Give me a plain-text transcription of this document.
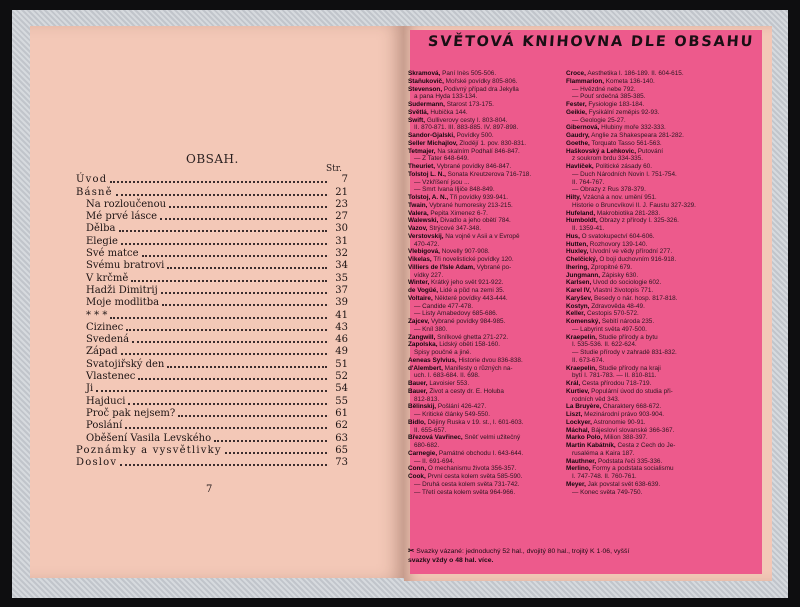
OBSAH.
Str.
Úvod	7
Básně	21
Na rozloučenou	23
Mé prvé lásce	27
Dělba	30
Elegie	31
Své matce	32
Svému bratrovi	34
V krčmě	35
Hadži Dimitrij	37
Moje modlitba	39
* * *	41
Cizinec	43
Svedená	46
Západ	49
Svatojiřský den	51
Vlastenec	52
Ji	54
Hajduci	55
Proč pak nejsem?	61
Poslání	62
Oběšení Vasila Levského	63
Poznámky a vysvětlivky	65
Doslov	73
7
SVĚTOVÁ KNIHOVNA DLE OBSAHU
Skramová, Paní Inès 505-506.
Staňukovič, Mořské povídky 805-806.
Stevenson, Podivný případ dra Jekylla
a pana Hyda 133-134.
Sudermann, Starost 173-175.
Světlá, Hubička 144.
Swift, Gulliverovy cesty I. 803-804.
II. 870-871. III. 883-885. IV. 897-898.
Šandor-Gjalski, Povídky 500.
Šeller Michajlov, Zlodějí 1. pov. 830-831.
Tetmajer, Na skalním Podhalí 846-847.
— Z Tater 648-649.
Theuriet, Vybrané povídky 846-847.
Tolstoj L. N., Sonata Kreutzerova 716-718.
— Vzkříšení jsou ...
— Smrt Ivana Iljiče 848-849.
Tolstoj, A. N., Tři povídky 939-941.
Twain, Vybrané humoresky 213-215.
Valera, Pepita Ximenez 6-7.
Walewski, Divadlo a jeho obětí 784.
Vazov, Strýcové 347-348.
Verstovskij, Na vojně v Asii a v Evropě
470-472.
Vlebigová, Novelly 907-908.
Vikelas, Tři novelistické povídky 120.
Villiers de l'Isle Adam, Vybrané po-
vídky 227.
Winter, Krátký jeho svět 921-922.
de Vogüé, Lidé a půd na zemi 35.
Voltaire, Některé povídky 443-444.
— Candide 477-478.
— Listy Amabedovy 685-686.
Zajcev, Vybrané povídky 984-985.
— Kníl 380.
Zangwill, Snílkové ghetta 271-272.
Zapolska, Lidský oběti 158-160.
Spisy poučné a jiné.
Aeneas Sylvius, Historie dvou 836-838.
d'Alembert, Manifesty o různých na-
uch. I. 683-684. II. 698.
Bauer, Lavoisier 553.
Bauer, Život a cesty dr. E. Holuba
812-813.
Bělinskij, Pošlání 426-427.
— Kritické články 549-550.
Bidlo, Dějiny Ruska v 19. st., I. 601-603.
II. 655-657.
Březová Vavřinec, Sněť velmi užitečný
680-682.
Carnegie, Památné obchodu I. 643-644.
— II. 691-694.
Conn, O mechanismu života 356-357.
Cook, První cesta kolem světa 585-590.
— Druhá cesta kolem světa 731-742.
— Třetí cesta kolem světa 964-966.
Croce, Aesthetika I. 186-189. II. 604-615.
Flammarion, Kometa 136-140.
— Hvězdné nebe 792.
— Pouť srdečná 385-385.
Fester, Fysiologie 183-184.
Geikie, Fysikální zeměpis 92-93.
— Geologie 25-27.
Gibernová, Hlubiny moře 332-333.
Gaudry, Anglie za Shakespeara 281-282.
Goethe, Torquato Tasso 561-563.
Haškovský a Lehkovic, Putování
z soukrom brdu 334-335.
Havlíček, Politické zásady 60.
— Duch Národních Novin I. 751-754.
II. 764-767.
— Obrazy z Rus 378-379.
Hilty, Vzácná a nov. umění 951.
Historie o Bruncvíkovi II. J. Faustu 327-329.
Hufeland, Makrobiotika 281-283.
Humboldt, Obrazy z přírody I. 325-326.
II. 1359-41.
Hus, O svatokupectví 604-606.
Hutten, Rozhovory 139-140.
Huxley, Úvodní ve vědy přírodní 277.
Chelčický, O boji duchovním 916-918.
Ihering, Zpropitné 679.
Jungmann, Zápisky 630.
Karlsen, Úvod do sociologie 602.
Karel IV, Vlastní životopis 771.
Karyšev, Besedy o nár. hosp. 817-818.
Kostyn, Zdravověda 48-49.
Keller, Cestopis 570-572.
Komenský, Sebití národa 235.
— Labyrint světa 497-500.
Kraepelin, Studie přírody a bytu
I. 535-536. II. 622-624.
— Studie přírody v zahradě 831-832.
II. 673-674.
Kraepelin, Studie přírody na kraji
bytí I. 781-783. — II. 810-811.
Král, Cesta přírodou 718-719.
Kurtiev, Populární úvod do studia při-
rodních věd 343.
La Bruyère, Charaktery 668-672.
Liszt, Mezinárodní právo 903-904.
Lockyer, Astronomie 90-91.
Máchal, Bájesloví slovanské 366-367.
Marko Polo, Milion 388-397.
Martin Kabátník, Cesta z Čech do Je-
rusaléma a Kaira 187.
Mauthner, Podstata řeči 335-336.
Merlino, Formy a podstata socialismu
I. 747-748. II. 760-761.
Meyer, Jak povstal svět 638-639.
— Konec světa 749-750.
✂ Svazky vázané: jednoduchý 52 hal., dvojitý 80 hal., trojitý K 1·06, vyšší
svazky vždy o 48 hal. více.
